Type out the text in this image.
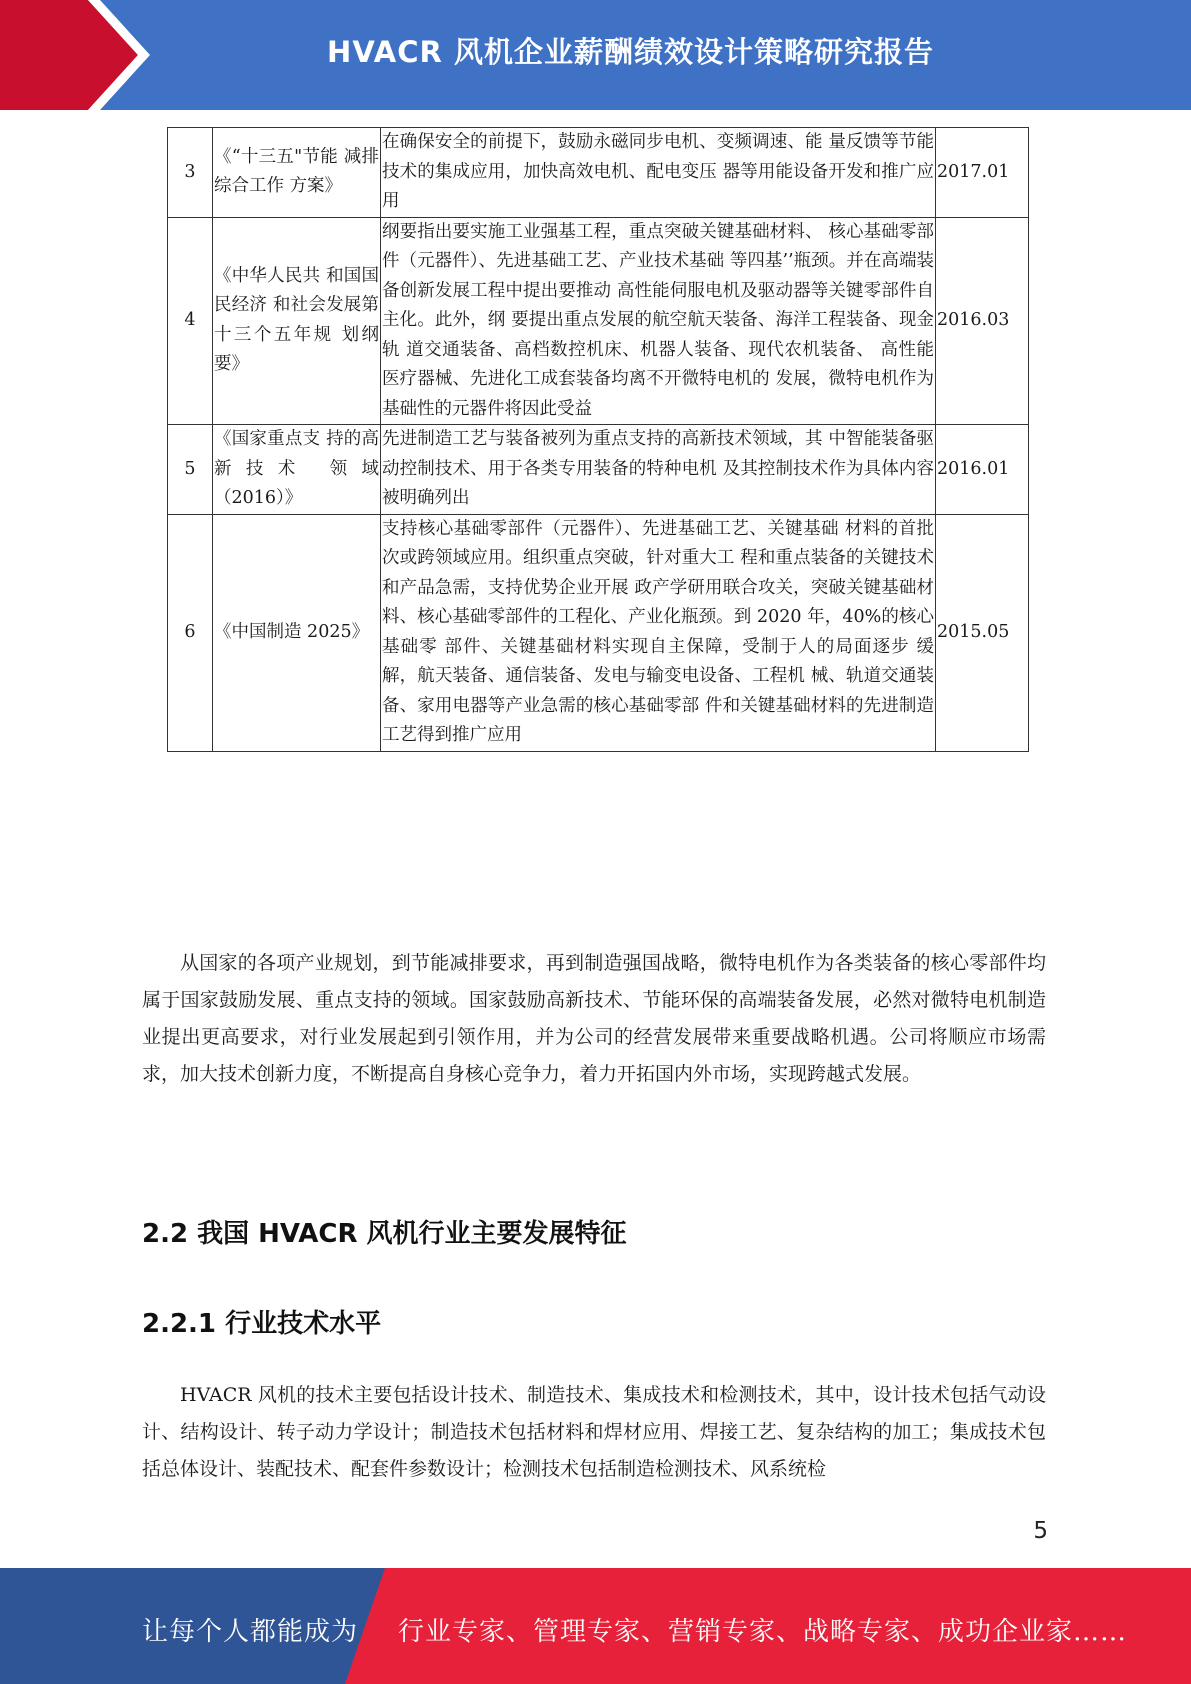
HVACR 风机企业薪酬绩效设计策略研究报告
3	《“十三五"节能 减排综合工作 方案》	在确保安全的前提下，鼓励永磁同步电机、变频调速、能 量反馈等节能技术的集成应用，加快高效电机、配电变压 器等用能设备开发和推广应用	2017.01
4	《中华人民共 和国国民经济 和社会发展第 十三个五年规 划纲要》	纲要指出要实施工业强基工程，重点突破关键基础材料、 核心基础零部件（元器件）、先进基础工艺、产业技术基础 等四基’’瓶颈。并在高端装备创新发展工程中提出要推动 高性能伺服电机及驱动器等关键零部件自主化。此外，纲 要提出重点发展的航空航天装备、海洋工程装备、现金轨 道交通装备、高档数控机床、机器人装备、现代农机装备、 高性能医疗器械、先进化工成套装备均离不开微特电机的 发展，微特电机作为基础性的元器件将因此受益	2016.03
5	《国家重点支 持的高新技术 领域（2016）》	先进制造工艺与装备被列为重点支持的高新技术领域，其 中智能装备驱动控制技术、用于各类专用装备的特种电机 及其控制技术作为具体内容被明确列出	2016.01
6	《中国制造 2025》	支持核心基础零部件（元器件）、先进基础工艺、关键基础 材料的首批次或跨领域应用。组织重点突破，针对重大工 程和重点装备的关键技术和产品急需，支持优势企业开展 政产学研用联合攻关，突破关键基础材料、核心基础零部件的工程化、产业化瓶颈。到 2020 年，40%的核心基础零 部件、关键基础材料实现自主保障，受制于人的局面逐步 缓解，航天装备、通信装备、发电与输变电设备、工程机 械、轨道交通装备、家用电器等产业急需的核心基础零部 件和关键基础材料的先进制造工艺得到推广应用	2015.05

从国家的各项产业规划，到节能减排要求，再到制造强国战略，微特电机作为各类装备的核心零部件均属于国家鼓励发展、重点支持的领域。国家鼓励高新技术、节能环保的高端装备发展，必然对微特电机制造业提出更高要求，对行业发展起到引领作用，并为公司的经营发展带来重要战略机遇。公司将顺应市场需求，加大技术创新力度，不断提高自身核心竞争力，着力开拓国内外市场，实现跨越式发展。

2.2 我国 HVACR 风机行业主要发展特征
2.2.1 行业技术水平

HVACR 风机的技术主要包括设计技术、制造技术、集成技术和检测技术，其中，设计技术包括气动设计、结构设计、转子动力学设计；制造技术包括材料和焊材应用、焊接工艺、复杂结构的加工；集成技术包括总体设计、装配技术、配套件参数设计；检测技术包括制造检测技术、风系统检

5
让每个人都能成为 行业专家、管理专家、营销专家、战略专家、成功企业家……
